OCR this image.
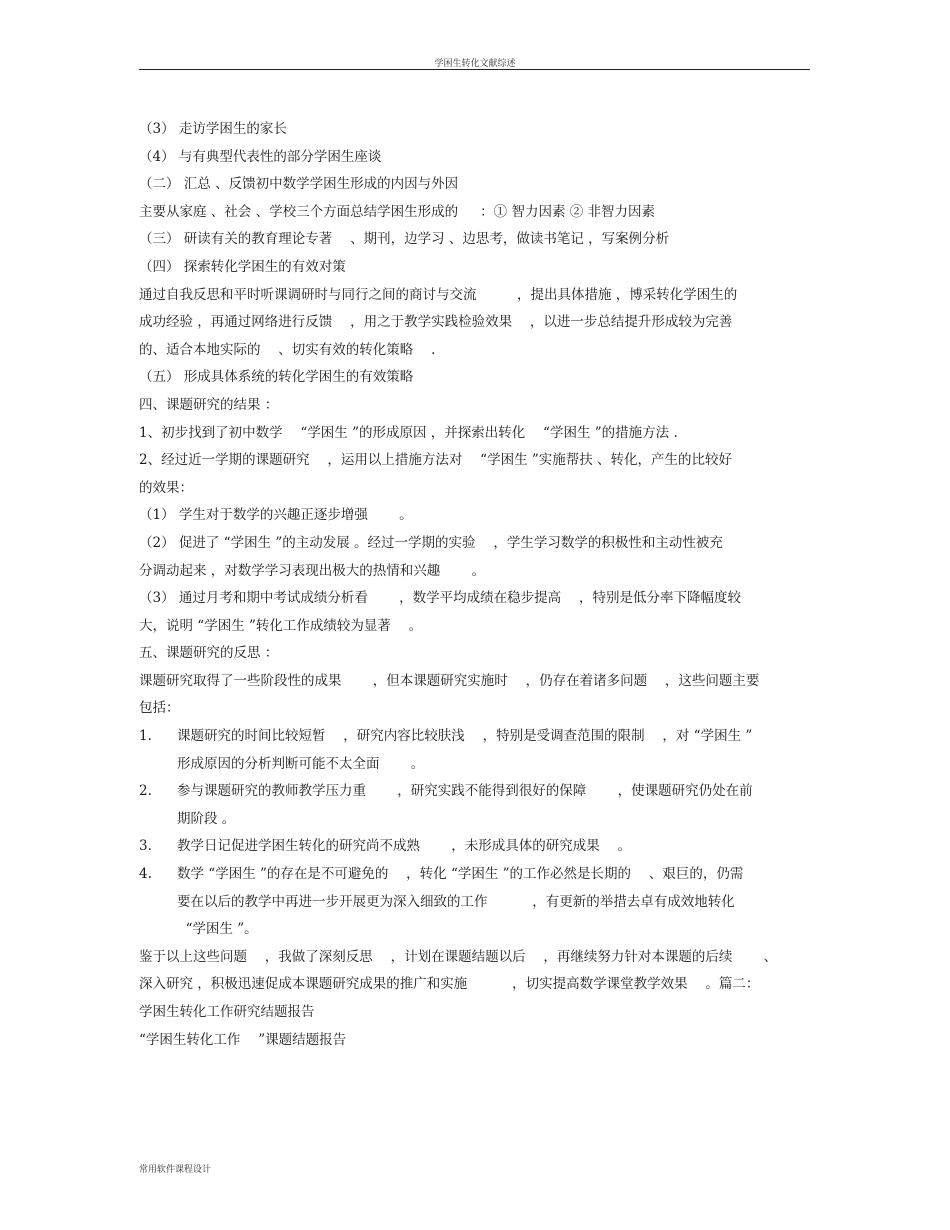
学困生转化文献综述
（3） 走访学困生的家长
（4） 与有典型代表性的部分学困生座谈
（二） 汇总 、反馈初中数学学困生形成的内因与外因
主要从家庭 、社会 、学校三个方面总结学困生形成的　  ：① 智力因素 ② 非智力因素
（三） 研读有关的教育理论专著 　、期刊，边学习 、边思考，做读书笔记 ，写案例分析
（四） 探索转化学困生的有效对策
通过自我反思和平时听课调研时与同行之间的商讨与交流　　　，提出具体措施 ，博采转化学困生的
成功经验 ，再通过网络进行反馈 　，用之于教学实践检验效果 　，以进一步总结提升形成较为完善
的、适合本地实际的 　、切实有效的转化策略 　.
（五） 形成具体系统的转化学困生的有效策略
四、课题研究的结果 ：
1、初步找到了初中数学 　“学困生 ”的形成原因 ，并探索出转化 　“学困生 ”的措施方法 .
2、经过近一学期的课题研究 　，运用以上措施方法对 　“学困生 ”实施帮扶 、转化，产生的比较好
的效果：
（1） 学生对于数学的兴趣正逐步增强 　　。
（2） 促进了 “学困生 ”的主动发展 。经过一学期的实验 　，学生学习数学的积极性和主动性被充
分调动起来 ，对数学学习表现出极大的热情和兴趣 　　。
（3） 通过月考和期中考试成绩分析看 　　，数学平均成绩在稳步提高 　，特别是低分率下降幅度较
大，说明 “学困生 ”转化工作成绩较为显著 　。
五、课题研究的反思 ：
课题研究取得了一些阶段性的成果 　　，但本课题研究实施时 　，仍存在着诸多问题 　，这些问题主要
包括：
1. 课题研究的时间比较短暂 　，研究内容比较肤浅 　，特别是受调查范围的限制 　，对 “学困生 ”
形成原因的分析判断可能不太全面 　　。
2. 参与课题研究的教师教学压力重 　　，研究实践不能得到很好的保障 　　，使课题研究仍处在前
期阶段 。
3. 教学日记促进学困生转化的研究尚不成熟 　　，未形成具体的研究成果 　。
4. 数学 “学困生 ”的存在是不可避免的 　，转化 “学困生 ”的工作必然是长期的 　、艰巨的，仍需
要在以后的教学中再进一步开展更为深入细致的工作 　　　，有更新的举措去卓有成效地转化
“学困生 ”。
鉴于以上这些问题 　，我做了深刻反思 　，计划在课题结题以后 　，再继续努力针对本课题的后续 　　、
深入研究 ，积极迅速促成本课题研究成果的推广和实施 　　　，切实提高数学课堂教学效果 　。篇二：
学困生转化工作研究结题报告
“学困生转化工作 　”课题结题报告
常用软件课程设计
